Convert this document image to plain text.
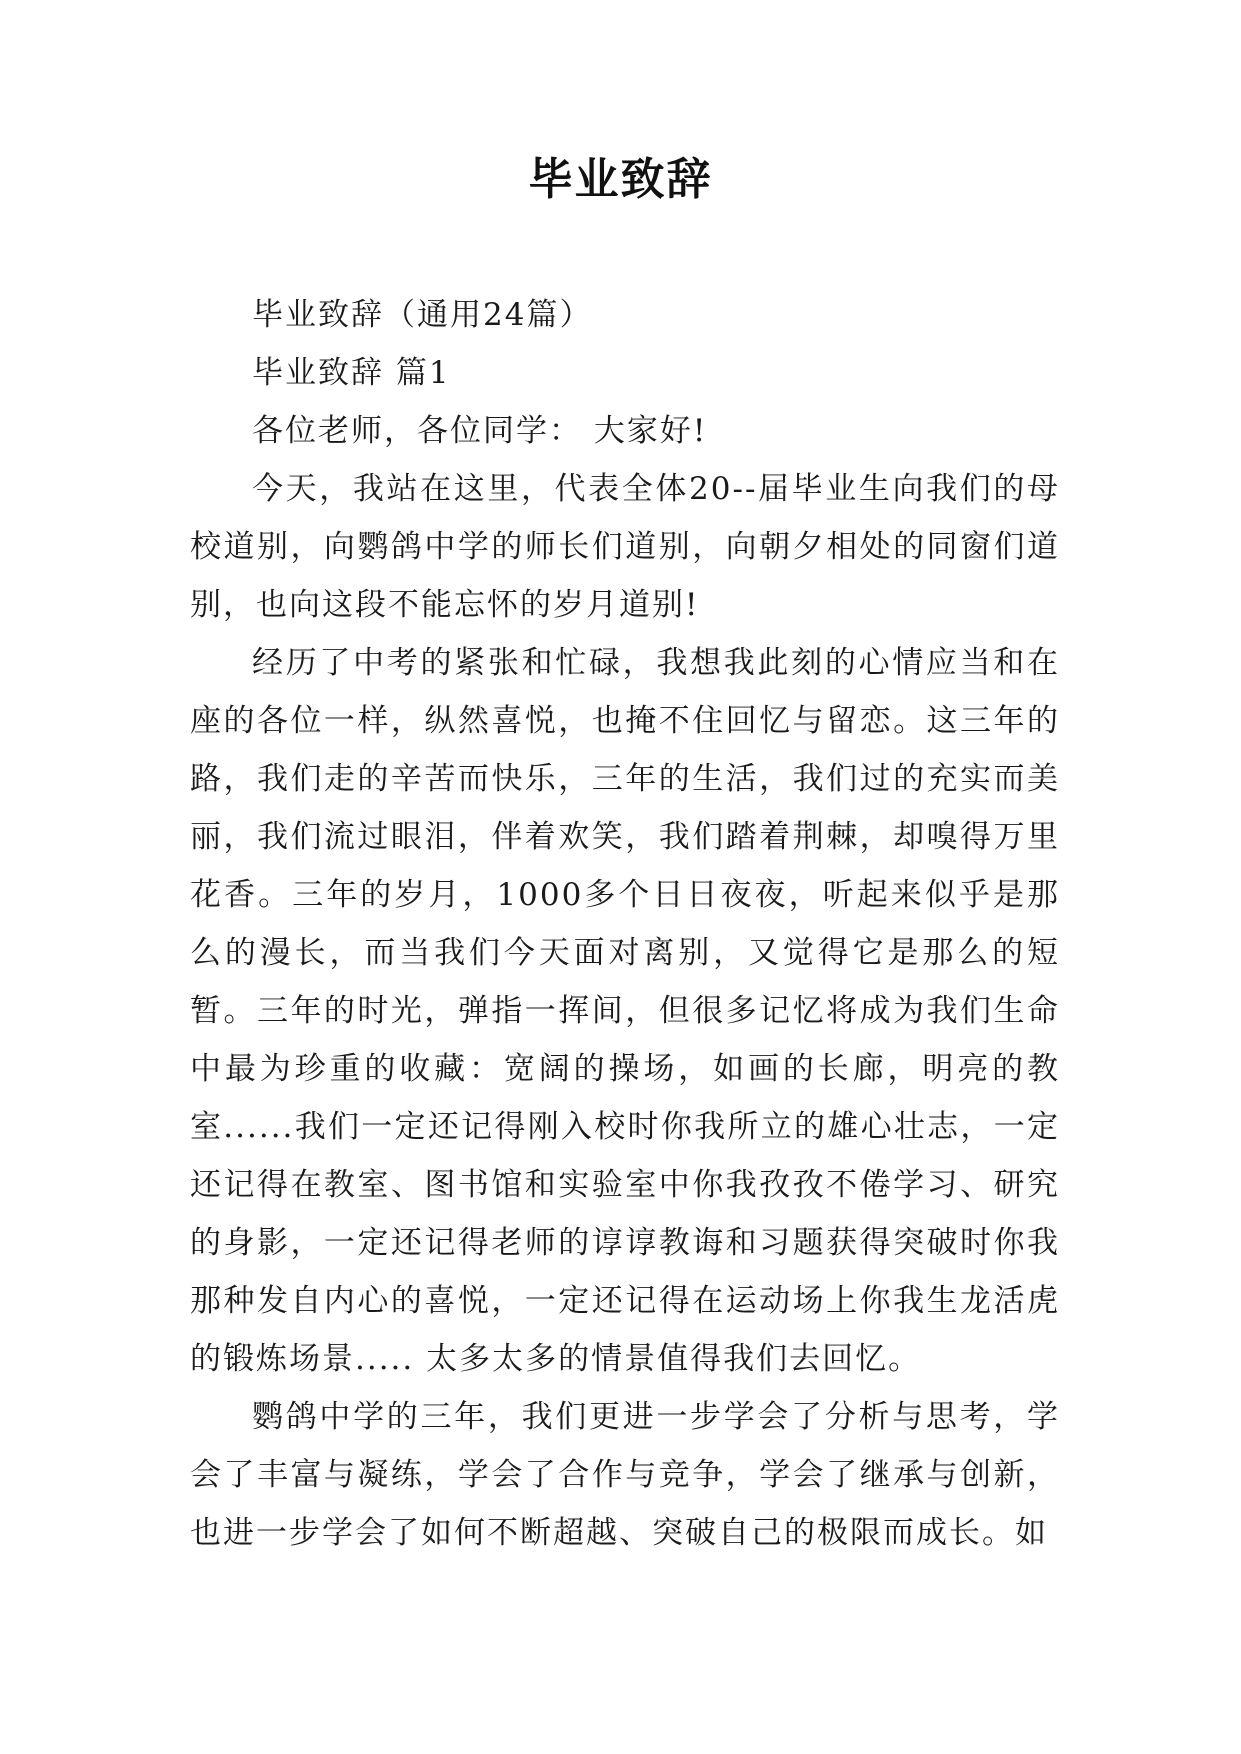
毕业致辞

毕业致辞（通用24篇）

毕业致辞 篇1

各位老师，各位同学： 大家好!

今天，我站在这里，代表全体20--届毕业生向我们的母校道别，向鹦鸽中学的师长们道别，向朝夕相处的同窗们道别，也向这段不能忘怀的岁月道别!

经历了中考的紧张和忙碌，我想我此刻的心情应当和在座的各位一样，纵然喜悦，也掩不住回忆与留恋。这三年的路，我们走的辛苦而快乐，三年的生活，我们过的充实而美丽，我们流过眼泪，伴着欢笑，我们踏着荆棘，却嗅得万里花香。三年的岁月，1000多个日日夜夜，听起来似乎是那么的漫长，而当我们今天面对离别，又觉得它是那么的短暂。三年的时光，弹指一挥间，但很多记忆将成为我们生命中最为珍重的收藏：宽阔的操场，如画的长廊，明亮的教室......我们一定还记得刚入校时你我所立的雄心壮志，一定还记得在教室、图书馆和实验室中你我孜孜不倦学习、研究的身影，一定还记得老师的谆谆教诲和习题获得突破时你我那种发自内心的喜悦，一定还记得在运动场上你我生龙活虎的锻炼场景..... 太多太多的情景值得我们去回忆。

鹦鸽中学的三年，我们更进一步学会了分析与思考，学会了丰富与凝练，学会了合作与竞争，学会了继承与创新，也进一步学会了如何不断超越、突破自己的极限而成长。如
